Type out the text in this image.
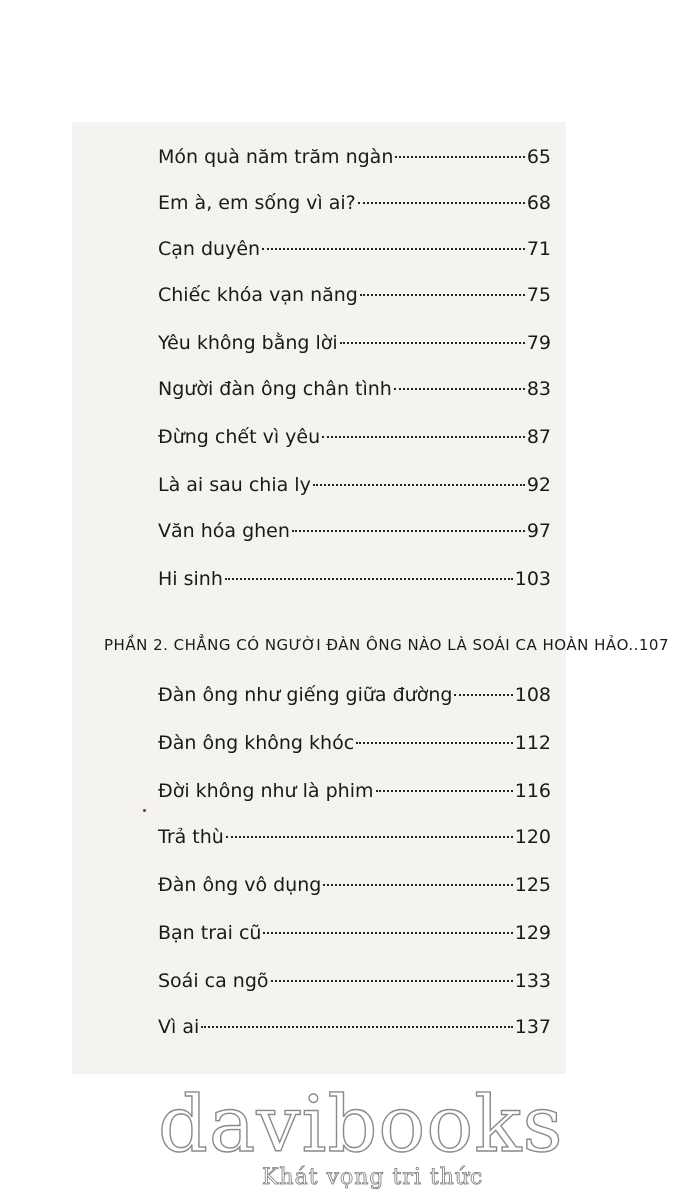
Món quà năm trăm ngàn	65
Em à, em sống vì ai?	68
Cạn duyên	71
Chiếc khóa vạn năng	75
Yêu không bằng lời	79
Người đàn ông chân tình	83
Đừng chết vì yêu	87
Là ai sau chia ly	92
Văn hóa ghen	97
Hi sinh	103
PHẦN 2. CHẲNG CÓ NGƯỜI ĐÀN ÔNG NÀO LÀ SOÁI CA HOÀN HẢO..107
Đàn ông như giếng giữa đường	108
Đàn ông không khóc	112
Đời không như là phim	116
Trả thù	120
Đàn ông vô dụng	125
Bạn trai cũ	129
Soái ca ngõ	133
Vì ai	137
davibooks
Khát vọng tri thức
